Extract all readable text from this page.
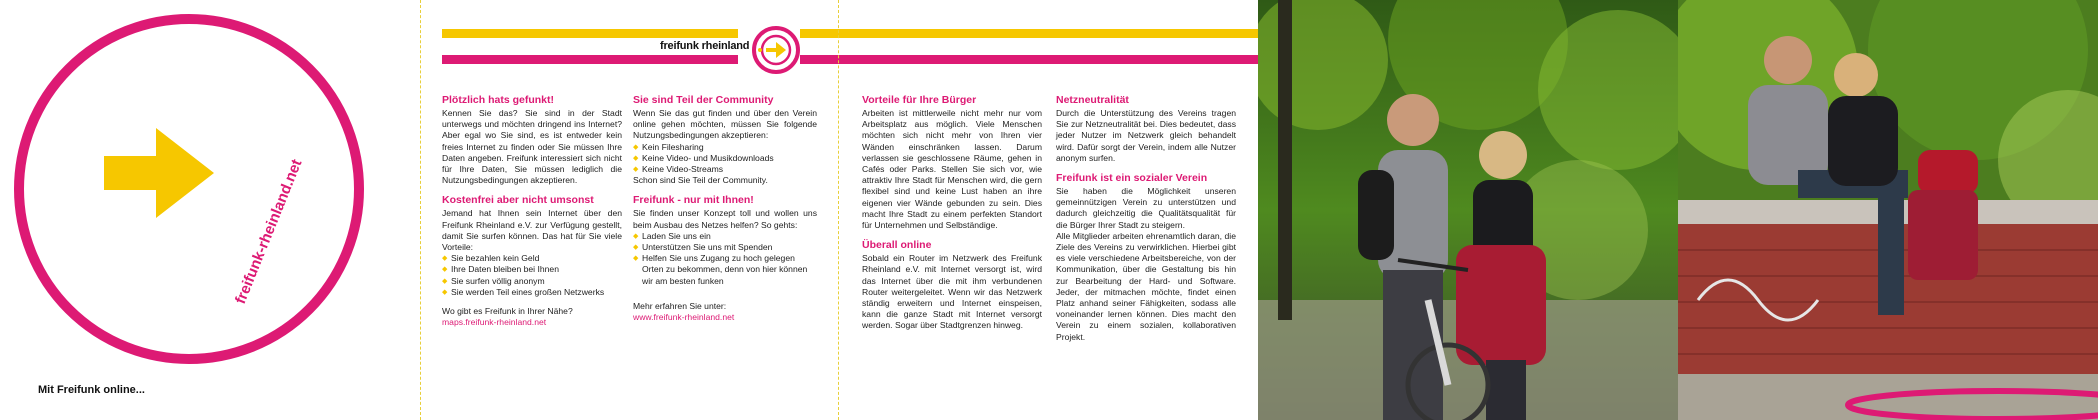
freifunk-rheinland.net
Mit Freifunk online...
freifunk rheinland
Plötzlich hats gefunkt!

Kennen Sie das? Sie sind in der Stadt unterwegs und möchten dringend ins Internet? Aber egal wo Sie sind, es ist entweder kein freies Internet zu finden oder Sie müssen Ihre Daten angeben. Freifunk interessiert sich nicht für Ihre Daten, Sie müssen lediglich die Nutzungsbedingungen akzeptieren.

Kostenfrei aber nicht umsonst

Jemand hat Ihnen sein Internet über den Freifunk Rheinland e.V. zur Verfügung gestellt, damit Sie surfen können. Das hat für Sie viele Vorteile:

◆ Sie bezahlen kein Geld
◆ Ihre Daten bleiben bei Ihnen
◆ Sie surfen völlig anonym
◆ Sie werden Teil eines großen Netzwerks

Wo gibt es Freifunk in Ihrer Nähe?

maps.freifunk-rheinland.net

Sie sind Teil der Community

Wenn Sie das gut finden und über den Verein online gehen möchten, müssen Sie folgende Nutzungsbedingungen akzeptieren:

◆ Kein Filesharing
◆ Keine Video- und Musikdownloads
◆ Keine Video-Streams

Schon sind Sie Teil der Community.

Freifunk - nur mit Ihnen!

Sie finden unser Konzept toll und wollen uns beim Ausbau des Netzes helfen? So gehts:

◆ Laden Sie uns ein
◆ Unterstützen Sie uns mit Spenden
◆ Helfen Sie uns Zugang zu hoch gelegen Orten zu bekommen, denn von hier können wir am besten funken

Mehr erfahren Sie unter:

www.freifunk-rheinland.net

Vorteile für Ihre Bürger

Arbeiten ist mittlerweile nicht mehr nur vom Arbeitsplatz aus möglich. Viele Menschen möchten sich nicht mehr von Ihren vier Wänden einschränken lassen. Darum verlassen sie geschlossene Räume, gehen in Cafés oder Parks. Stellen Sie sich vor, wie attraktiv Ihre Stadt für Menschen wird, die gern flexibel sind und keine Lust haben an ihre eigenen vier Wände gebunden zu sein. Dies macht Ihre Stadt zu einem perfekten Standort für Unternehmen und Selbständige.

Überall online

Sobald ein Router im Netzwerk des Freifunk Rheinland e.V. mit Internet versorgt ist, wird das Internet über die mit ihm verbundenen Router weitergeleitet. Wenn wir das Netzwerk ständig erweitern und Internet einspeisen, kann die ganze Stadt mit Internet versorgt werden. Sogar über Stadtgrenzen hinweg.

Netzneutralität

Durch die Unterstützung des Vereins tragen Sie zur Netzneutralität bei. Dies bedeutet, dass jeder Nutzer im Netzwerk gleich behandelt wird. Dafür sorgt der Verein, indem alle Nutzer anonym surfen.

Freifunk ist ein sozialer Verein

Sie haben die Möglichkeit unseren gemeinnützigen Verein zu unterstützen und dadurch gleichzeitig die Qualitätsqualität für die Bürger Ihrer Stadt zu steigern.

Alle Mitglieder arbeiten ehrenamtlich daran, die Ziele des Vereins zu verwirklichen. Hierbei gibt es viele verschiedene Arbeitsbereiche, von der Kommunikation, über die Gestaltung bis hin zur Bearbeitung der Hard- und Software. Jeder, der mitmachen möchte, findet einen Platz anhand seiner Fähigkeiten, sodass alle voneinander lernen können. Dies macht den Verein zu einem sozialen, kollaborativen Projekt.
